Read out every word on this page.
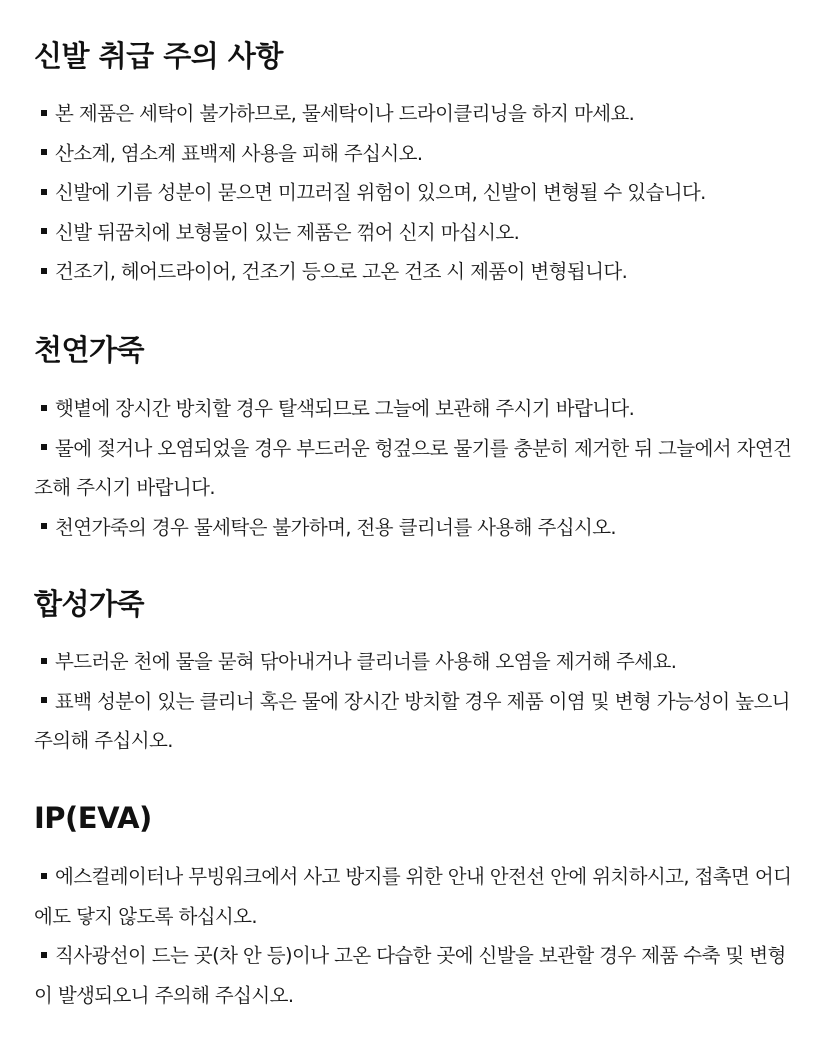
신발 취급 주의 사항
본 제품은 세탁이 불가하므로, 물세탁이나 드라이클리닝을 하지 마세요.
산소계, 염소계 표백제 사용을 피해 주십시오.
신발에 기름 성분이 묻으면 미끄러질 위험이 있으며, 신발이 변형될 수 있습니다.
신발 뒤꿈치에 보형물이 있는 제품은 꺾어 신지 마십시오.
건조기, 헤어드라이어, 건조기 등으로 고온 건조 시 제품이 변형됩니다.
천연가죽
햇볕에 장시간 방치할 경우 탈색되므로 그늘에 보관해 주시기 바랍니다.
물에 젖거나 오염되었을 경우 부드러운 헝겊으로 물기를 충분히 제거한 뒤 그늘에서 자연건조해 주시기 바랍니다.
천연가죽의 경우 물세탁은 불가하며, 전용 클리너를 사용해 주십시오.
합성가죽
부드러운 천에 물을 묻혀 닦아내거나 클리너를 사용해 오염을 제거해 주세요.
표백 성분이 있는 클리너 혹은 물에 장시간 방치할 경우 제품 이염 및 변형 가능성이 높으니 주의해 주십시오.
IP(EVA)
에스컬레이터나 무빙워크에서 사고 방지를 위한 안내 안전선 안에 위치하시고, 접촉면 어디에도 닿지 않도록 하십시오.
직사광선이 드는 곳(차 안 등)이나 고온 다습한 곳에 신발을 보관할 경우 제품 수축 및 변형이 발생되오니 주의해 주십시오.
